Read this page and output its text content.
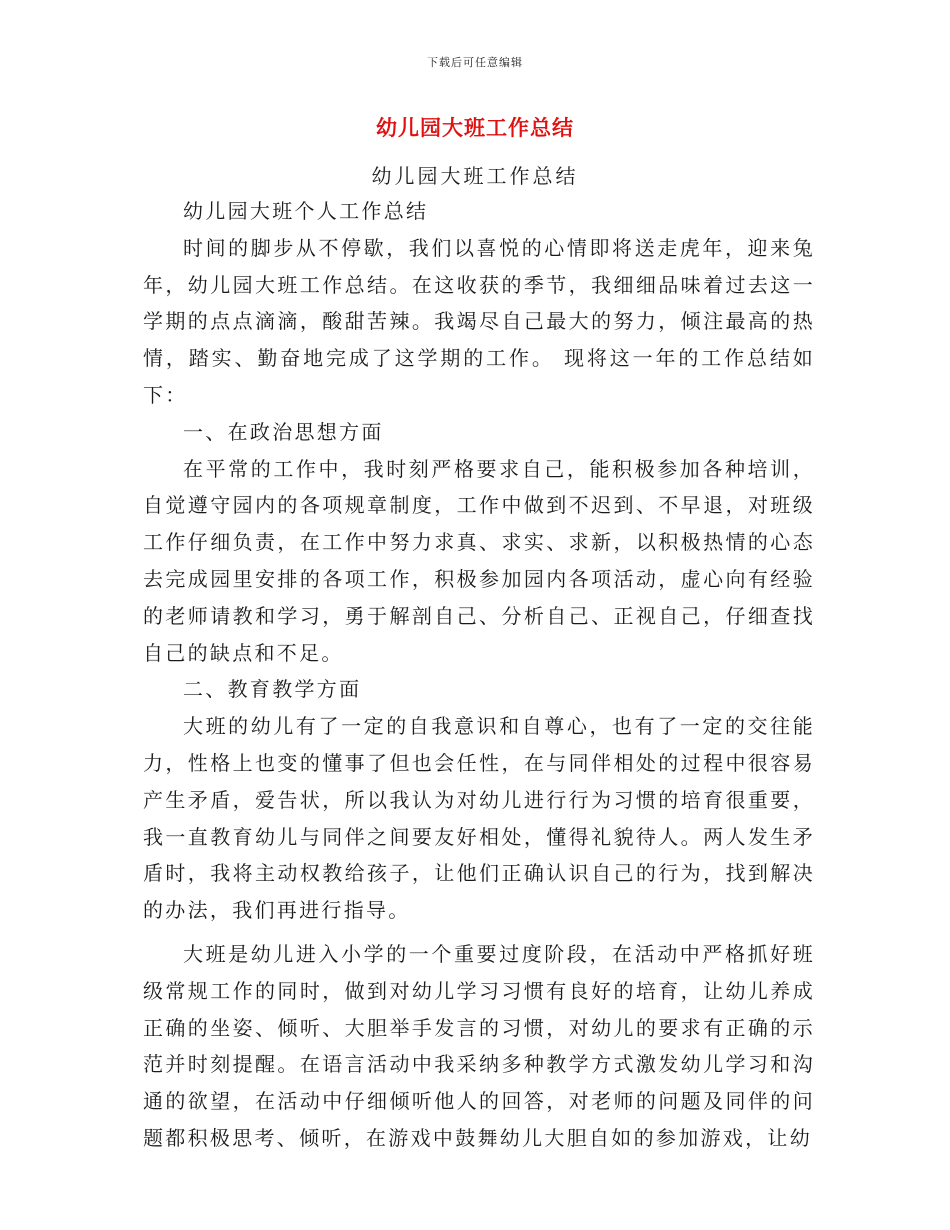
下载后可任意编辑
幼儿园大班工作总结
幼儿园大班工作总结

幼儿园大班个人工作总结

时间的脚步从不停歇，我们以喜悦的心情即将送走虎年，迎来兔年，幼儿园大班工作总结。在这收获的季节，我细细品味着过去这一学期的点点滴滴，酸甜苦辣。我竭尽自己最大的努力，倾注最高的热情，踏实、勤奋地完成了这学期的工作。 现将这一年的工作总结如下：

一、在政治思想方面

在平常的工作中，我时刻严格要求自己，能积极参加各种培训，自觉遵守园内的各项规章制度，工作中做到不迟到、不早退，对班级工作仔细负责，在工作中努力求真、求实、求新，以积极热情的心态去完成园里安排的各项工作，积极参加园内各项活动，虚心向有经验的老师请教和学习，勇于解剖自己、分析自己、正视自己，仔细查找自己的缺点和不足。

二、教育教学方面

大班的幼儿有了一定的自我意识和自尊心，也有了一定的交往能力，性格上也变的懂事了但也会任性，在与同伴相处的过程中很容易产生矛盾，爱告状，所以我认为对幼儿进行行为习惯的培育很重要，我一直教育幼儿与同伴之间要友好相处，懂得礼貌待人。两人发生矛盾时，我将主动权教给孩子，让他们正确认识自己的行为，找到解决的办法，我们再进行指导。

大班是幼儿进入小学的一个重要过度阶段，在活动中严格抓好班级常规工作的同时，做到对幼儿学习习惯有良好的培育，让幼儿养成正确的坐姿、倾听、大胆举手发言的习惯，对幼儿的要求有正确的示范并时刻提醒。在语言活动中我采纳多种教学方式激发幼儿学习和沟通的欲望，在活动中仔细倾听他人的回答，对老师的问题及同伴的问题都积极思考、倾听，在游戏中鼓舞幼儿大胆自如的参加游戏，让幼
